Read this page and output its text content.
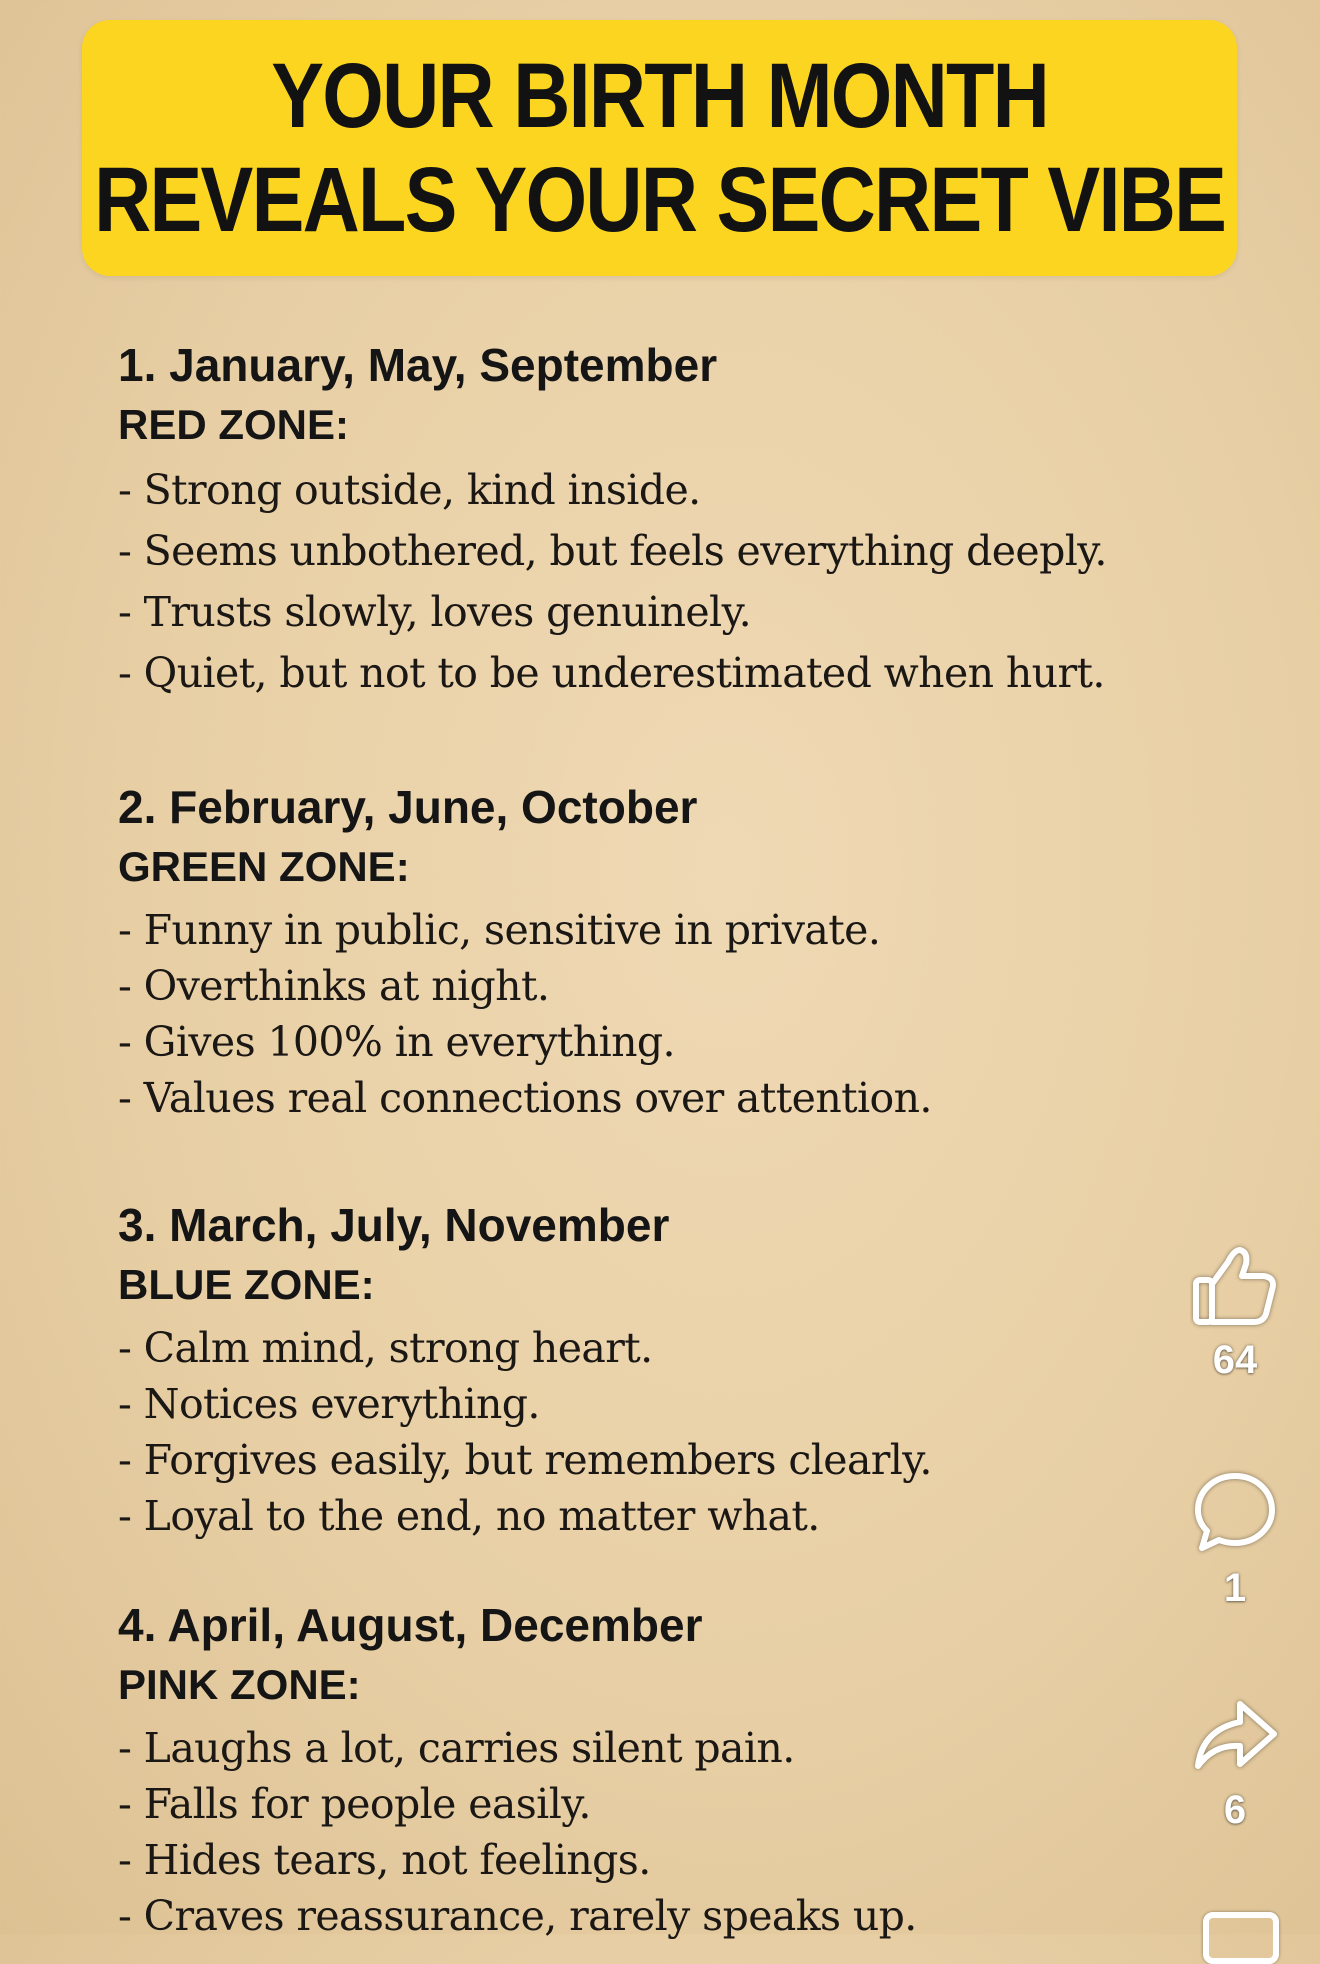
YOUR BIRTH MONTH
REVEALS YOUR SECRET VIBE
1. January, May, September
RED ZONE:
- Strong outside, kind inside.
- Seems unbothered, but feels everything deeply.
- Trusts slowly, loves genuinely.
- Quiet, but not to be underestimated when hurt.
2. February, June, October
GREEN ZONE:
- Funny in public, sensitive in private.
- Overthinks at night.
- Gives 100% in everything.
- Values real connections over attention.
3. March, July, November
BLUE ZONE:
- Calm mind, strong heart.
- Notices everything.
- Forgives easily, but remembers clearly.
- Loyal to the end, no matter what.
4. April, August, December
PINK ZONE:
- Laughs a lot, carries silent pain.
- Falls for people easily.
- Hides tears, not feelings.
- Craves reassurance, rarely speaks up.
64
1
6
